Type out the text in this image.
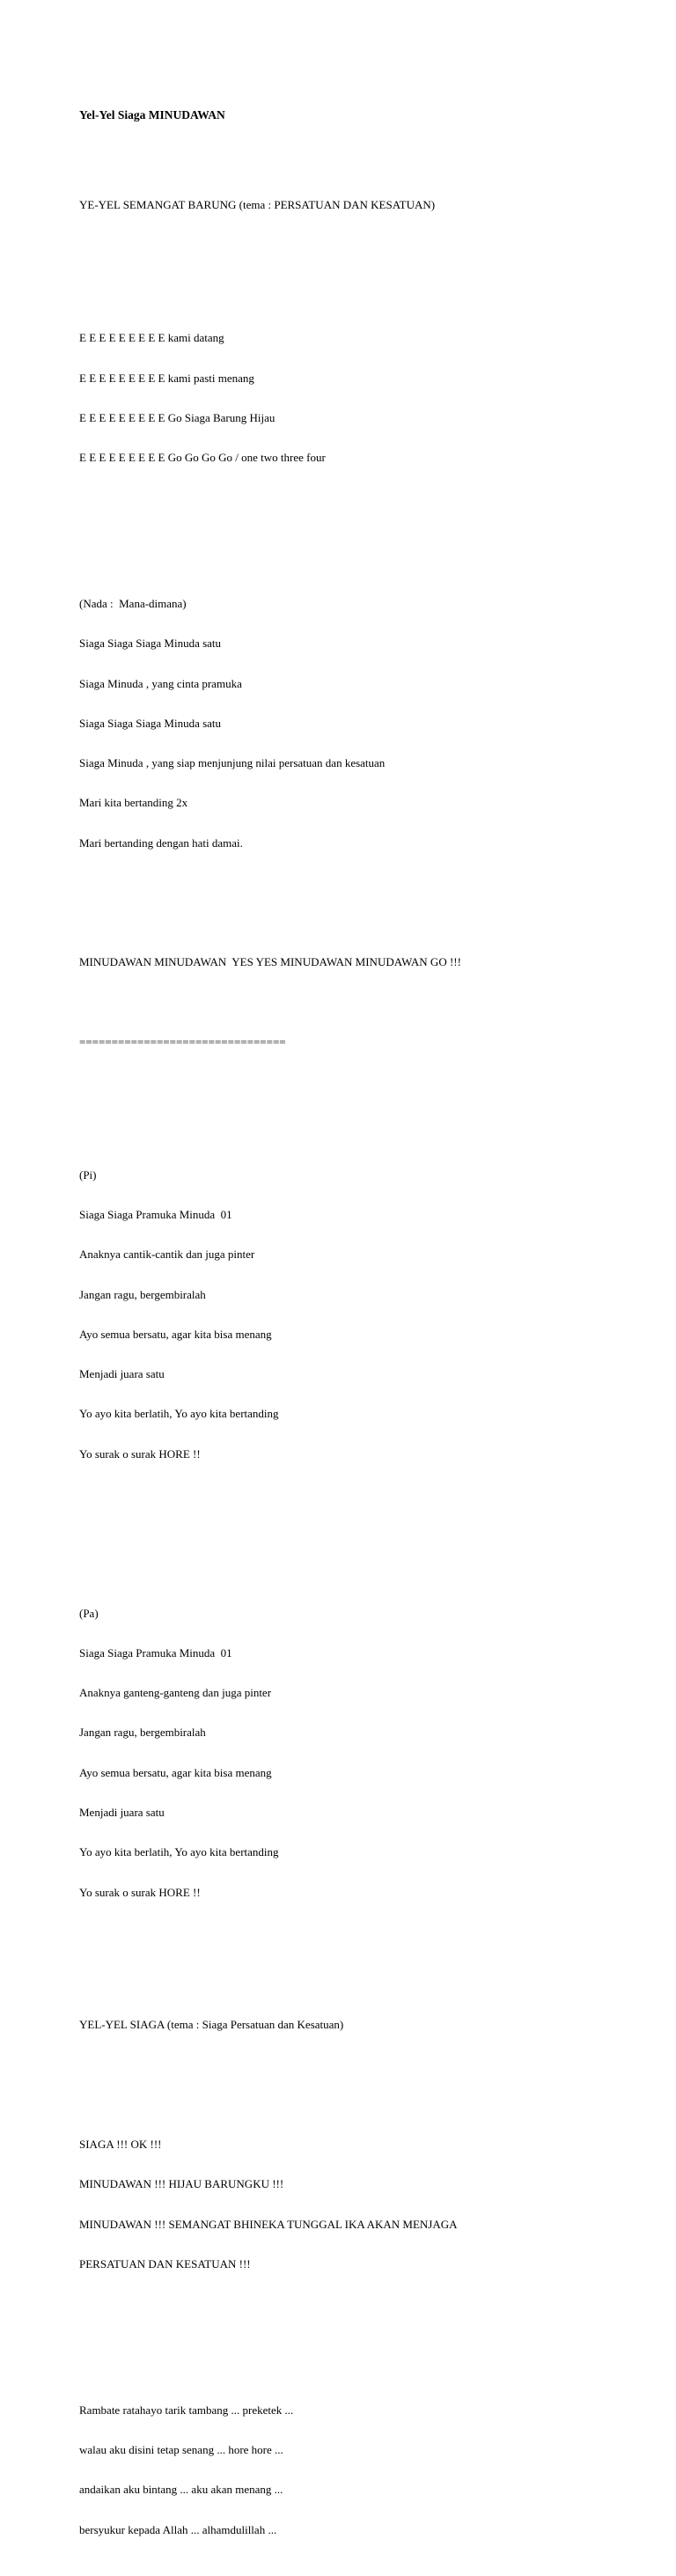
Yel-Yel Siaga MINUDAWAN

YE-YEL SEMANGAT BARUNG (tema : PERSATUAN DAN KESATUAN)

E E E E E E E E E kami datang

E E E E E E E E E kami pasti menang

E E E E E E E E E Go Siaga Barung Hijau

E E E E E E E E E Go Go Go Go / one two three four

(Nada :  Mana-dimana)

Siaga Siaga Siaga Minuda satu

Siaga Minuda , yang cinta pramuka

Siaga Siaga Siaga Minuda satu

Siaga Minuda , yang siap menjunjung nilai persatuan dan kesatuan

Mari kita bertanding 2x

Mari bertanding dengan hati damai.

MINUDAWAN MINUDAWAN  YES YES MINUDAWAN MINUDAWAN GO !!!

================================

(Pi)

Siaga Siaga Pramuka Minuda  01

Anaknya cantik-cantik dan juga pinter

Jangan ragu, bergembiralah

Ayo semua bersatu, agar kita bisa menang

Menjadi juara satu

Yo ayo kita berlatih, Yo ayo kita bertanding

Yo surak o surak HORE !!

(Pa)

Siaga Siaga Pramuka Minuda  01

Anaknya ganteng-ganteng dan juga pinter

Jangan ragu, bergembiralah

Ayo semua bersatu, agar kita bisa menang

Menjadi juara satu

Yo ayo kita berlatih, Yo ayo kita bertanding

Yo surak o surak HORE !!

YEL-YEL SIAGA (tema : Siaga Persatuan dan Kesatuan)

SIAGA !!! OK !!!

MINUDAWAN !!! HIJAU BARUNGKU !!!

MINUDAWAN !!! SEMANGAT BHINEKA TUNGGAL IKA AKAN MENJAGA

PERSATUAN DAN KESATUAN !!!

Rambate ratahayo tarik tambang ... preketek ...

walau aku disini tetap senang ... hore hore ...

andaikan aku bintang ... aku akan menang ...

bersyukur kepada Allah ... alhamdulillah ...
